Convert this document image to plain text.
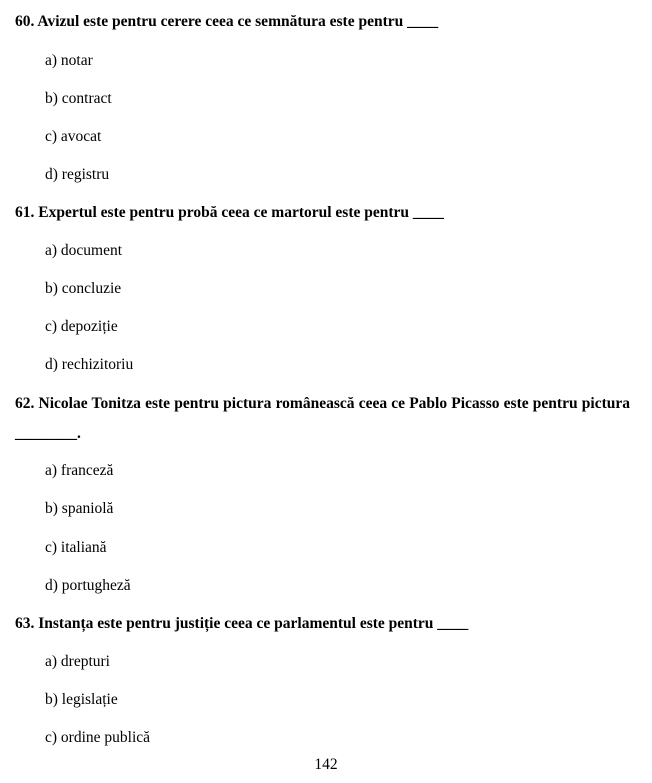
60. Avizul este pentru cerere ceea ce semnătura este pentru ____
a) notar
b) contract
c) avocat
d) registru
61. Expertul este pentru probă ceea ce martorul este pentru ____
a) document
b) concluzie
c) depoziție
d) rechizitoriu
62. Nicolae Tonitza este pentru pictura românească ceea ce Pablo Picasso este pentru pictura ________.
a) franceză
b) spaniolă
c) italiană
d) portugheză
63. Instanța este pentru justiție ceea ce parlamentul este pentru ____
a) drepturi
b) legislație
c) ordine publică
142
